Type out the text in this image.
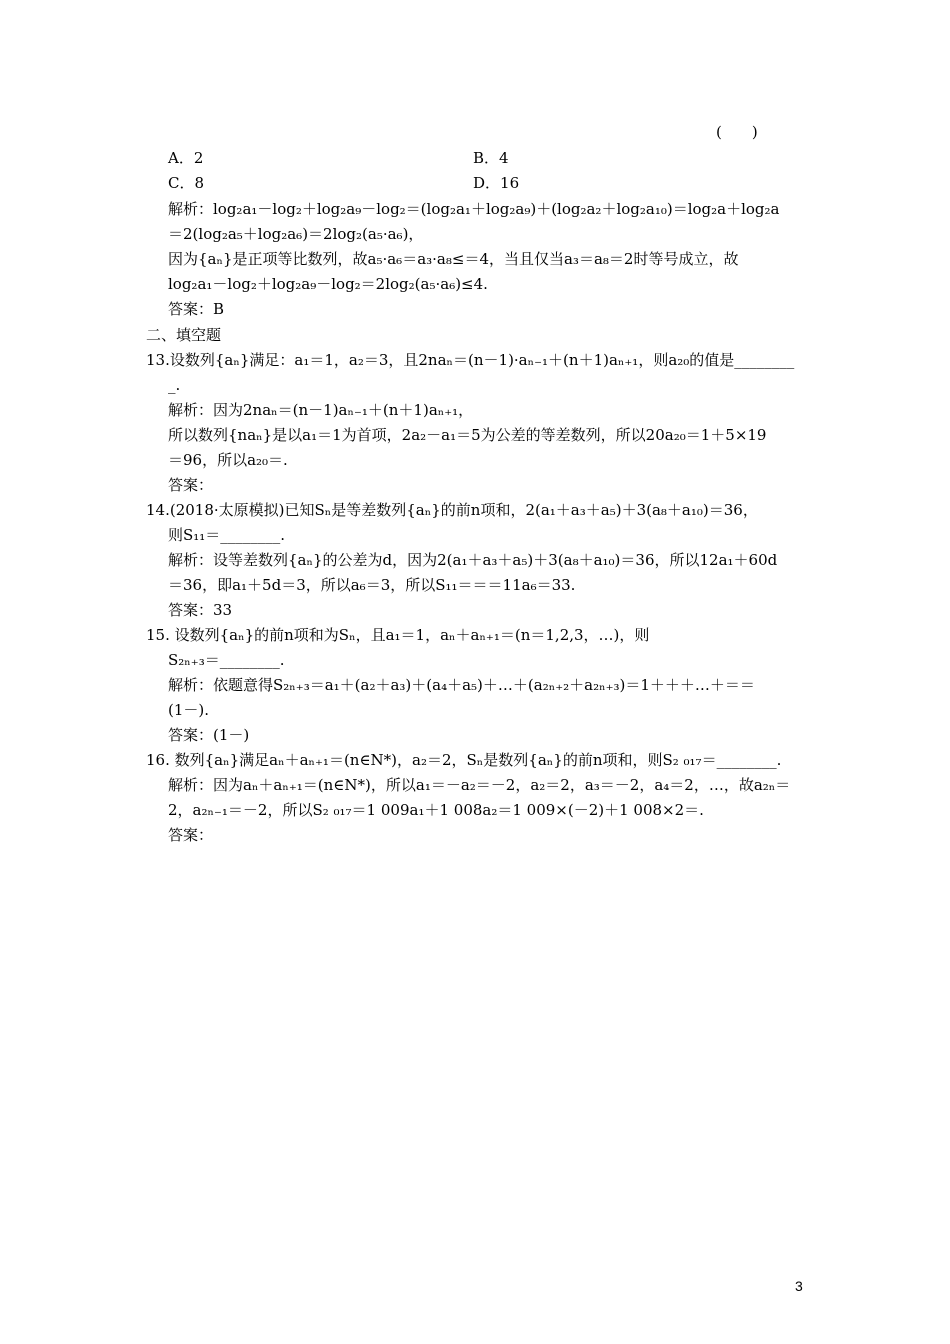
(　　)
A．2	B．4
C．8	D．16
解析：log₂a₁－log₂＋log₂a₉－log₂＝(log₂a₁＋log₂a₉)＋(log₂a₂＋log₂a₁₀)＝log₂a＋log₂a
＝2(log₂a₅＋log₂a₆)＝2log₂(a₅·a₆)，
因为{aₙ}是正项等比数列，故a₅·a₆＝a₃·a₈≤＝4，当且仅当a₃＝a₈＝2时等号成立，故
log₂a₁－log₂＋log₂a₉－log₂＝2log₂(a₅·a₆)≤4.
答案：B
二、填空题
13.设数列{aₙ}满足：a₁＝1，a₂＝3，且2naₙ＝(n－1)·aₙ₋₁＋(n＋1)aₙ₊₁，则a₂₀的值是________
_.
解析：因为2naₙ＝(n－1)aₙ₋₁＋(n＋1)aₙ₊₁，
所以数列{naₙ}是以a₁＝1为首项，2a₂－a₁＝5为公差的等差数列，所以20a₂₀＝1＋5×19
＝96，所以a₂₀＝.
答案：
14.(2018·太原模拟)已知Sₙ是等差数列{aₙ}的前n项和，2(a₁＋a₃＋a₅)＋3(a₈＋a₁₀)＝36，
则S₁₁＝________.
解析：设等差数列{aₙ}的公差为d，因为2(a₁＋a₃＋a₅)＋3(a₈＋a₁₀)＝36，所以12a₁＋60d
＝36，即a₁＋5d＝3，所以a₆＝3，所以S₁₁＝＝＝11a₆＝33.
答案：33
15. 设数列{aₙ}的前n项和为Sₙ，且a₁＝1，aₙ＋aₙ₊₁＝(n＝1,2,3，…)，则
S₂ₙ₊₃＝________.
解析：依题意得S₂ₙ₊₃＝a₁＋(a₂＋a₃)＋(a₄＋a₅)＋…＋(a₂ₙ₊₂＋a₂ₙ₊₃)＝1＋＋＋…＋＝＝
(1－).
答案：(1－)
16. 数列{aₙ}满足aₙ＋aₙ₊₁＝(n∈N*)，a₂＝2，Sₙ是数列{aₙ}的前n项和，则S₂ ₀₁₇＝________.
解析：因为aₙ＋aₙ₊₁＝(n∈N*)，所以a₁＝－a₂＝－2，a₂＝2，a₃＝－2，a₄＝2，…，故a₂ₙ＝
2，a₂ₙ₋₁＝－2，所以S₂ ₀₁₇＝1 009a₁＋1 008a₂＝1 009×(－2)＋1 008×2＝.
答案：
3
